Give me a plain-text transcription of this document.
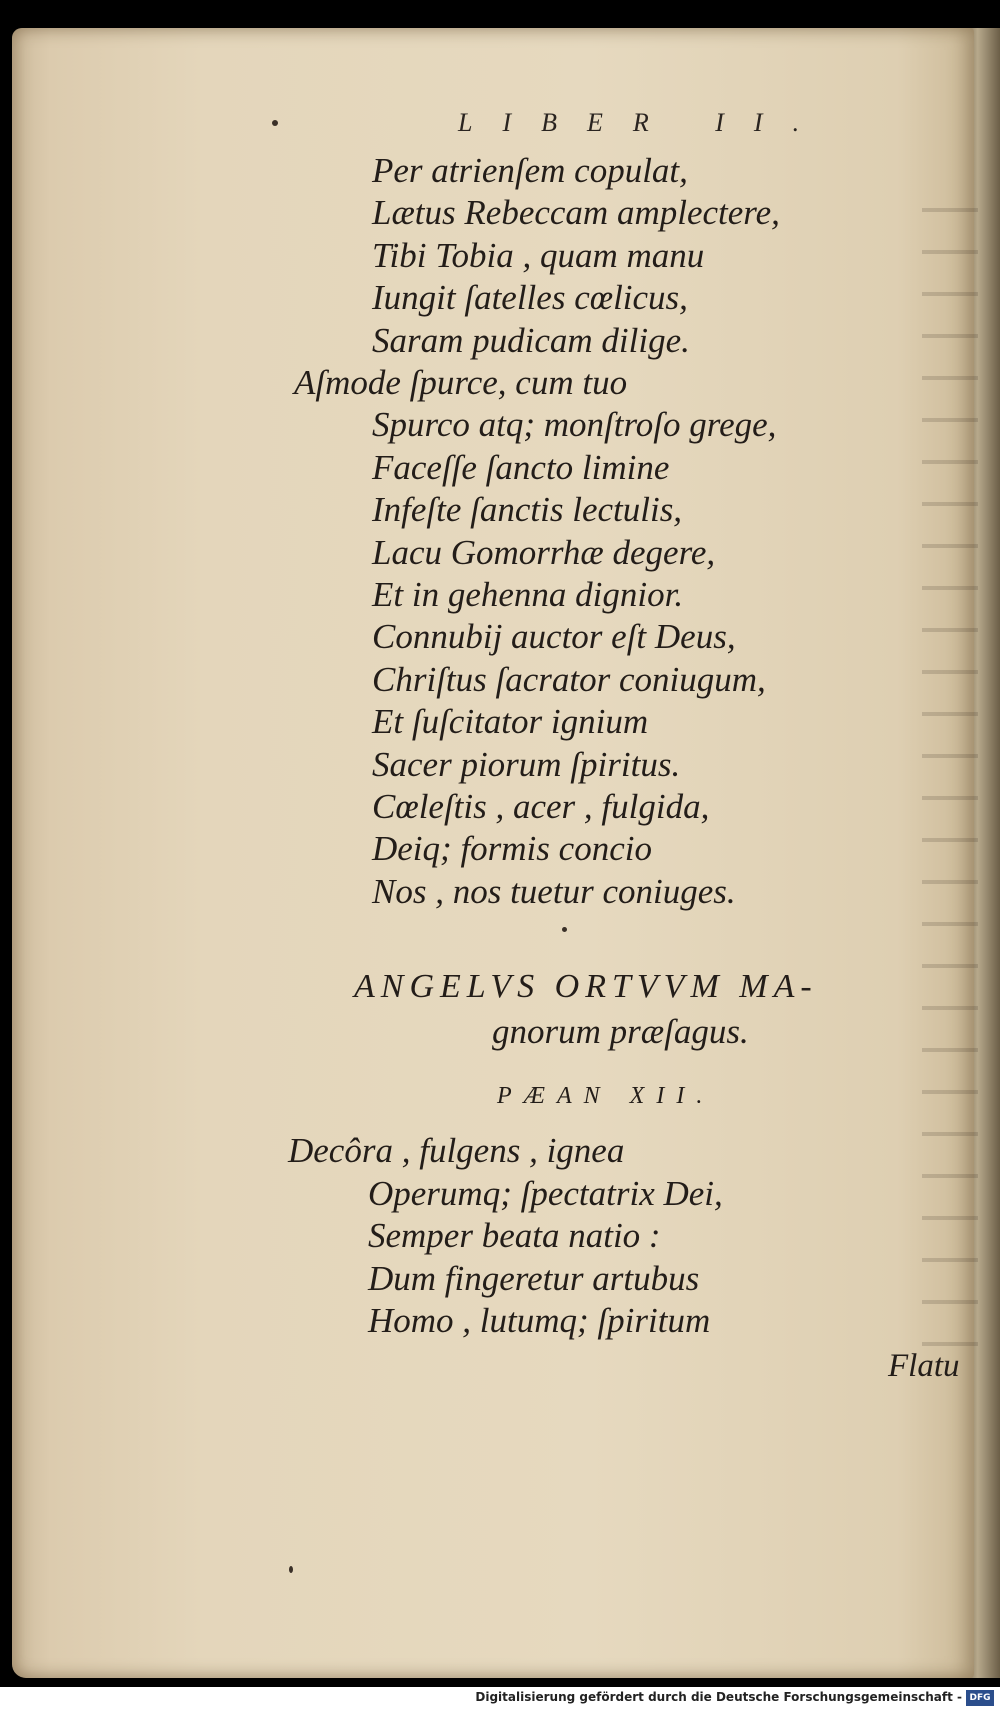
LIBER II.
Per atrienſem copulat,
Lætus Rebeccam amplectere,
Tibi Tobia , quam manu
Iungit ſatelles cœlicus,
Saram pudicam dilige.
Aſmode ſpurce, cum tuo
Spurco atq; monſtroſo grege,
Faceſſe ſancto limine
Infeſte ſanctis lectulis,
Lacu Gomorrhæ degere,
Et in gehenna dignior.
Connubij auctor eſt Deus,
Chriſtus ſacrator coniugum,
Et ſuſcitator ignium
Sacer piorum ſpiritus.
Cœleſtis , acer , fulgida,
Deiq; formis concio
Nos , nos tuetur coniuges.
ANGELVS ORTVVM MA-
gnorum præſagus.
PÆAN XII.
Decôra , fulgens , ignea
Operumq; ſpectatrix Dei,
Semper beata natio :
Dum fingeretur artubus
Homo , lutumq; ſpiritum
Flatu
Digitalisierung gefördert durch die Deutsche Forschungsgemeinschaft - DFG
